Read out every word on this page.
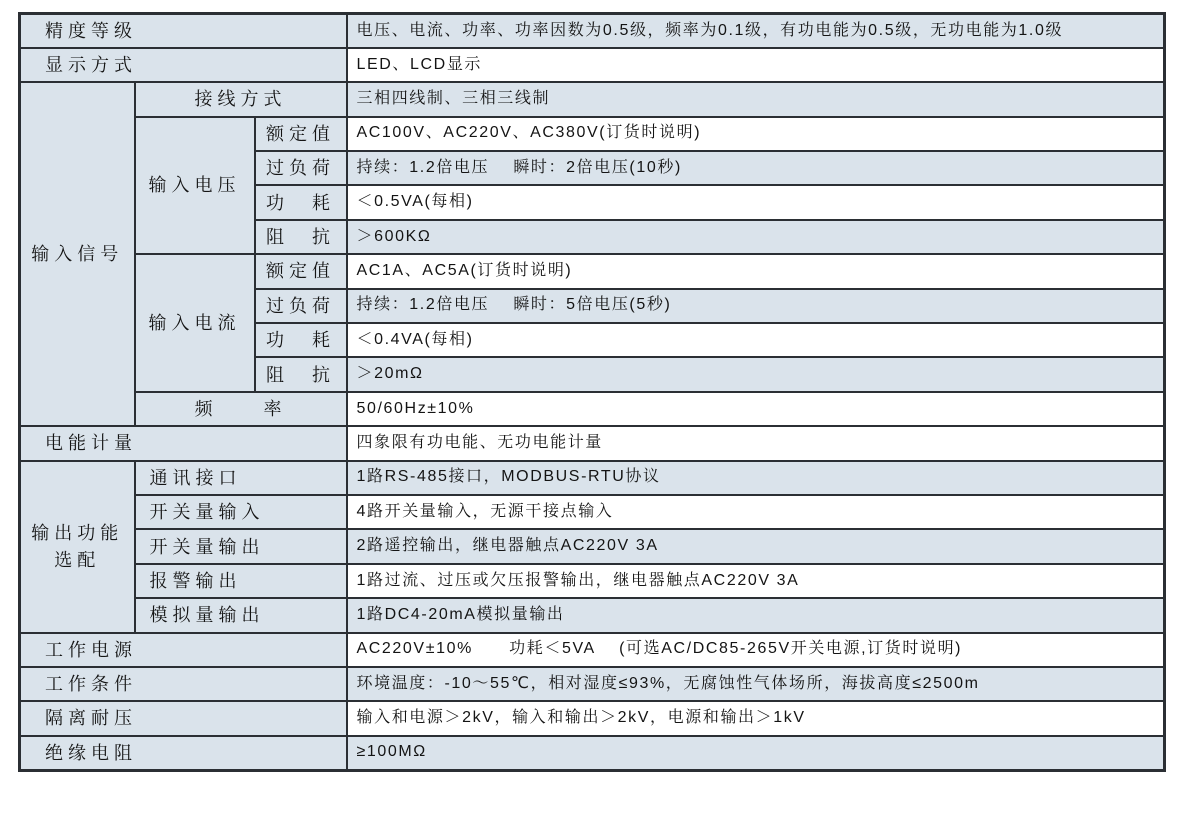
精度等级			电压、电流、功率、功率因数为0.5级，频率为0.1级，有功电能为0.5级，无功电能为1.0级
显示方式			LED、LCD显示
输入信号	接线方式		三相四线制、三相三线制
	输入电压	额定值	AC100V、AC220V、AC380V(订货时说明)
		过负荷	持续：1.2倍电压    瞬时：2倍电压(10秒)
		功　耗	＜0.5VA(每相)
		阻　抗	＞600KΩ
	输入电流	额定值	AC1A、AC5A(订货时说明)
		过负荷	持续：1.2倍电压    瞬时：5倍电压(5秒)
		功　耗	＜0.4VA(每相)
		阻　抗	＞20mΩ
	频　　率		50/60Hz±10%
电能计量			四象限有功电能、无功电能计量
输出功能选配	通讯接口		1路RS-485接口，MODBUS-RTU协议
	开关量输入		4路开关量输入，无源干接点输入
	开关量输出		2路遥控输出，继电器触点AC220V 3A
	报警输出		1路过流、过压或欠压报警输出，继电器触点AC220V 3A
	模拟量输出		1路DC4-20mA模拟量输出
工作电源			AC220V±10%      功耗＜5VA    (可选AC/DC85-265V开关电源,订货时说明)
工作条件			环境温度：-10～55℃，相对湿度≤93%，无腐蚀性气体场所，海拔高度≤2500m
隔离耐压			输入和电源＞2kV，输入和输出＞2kV，电源和输出＞1kV
绝缘电阻			≥100MΩ
